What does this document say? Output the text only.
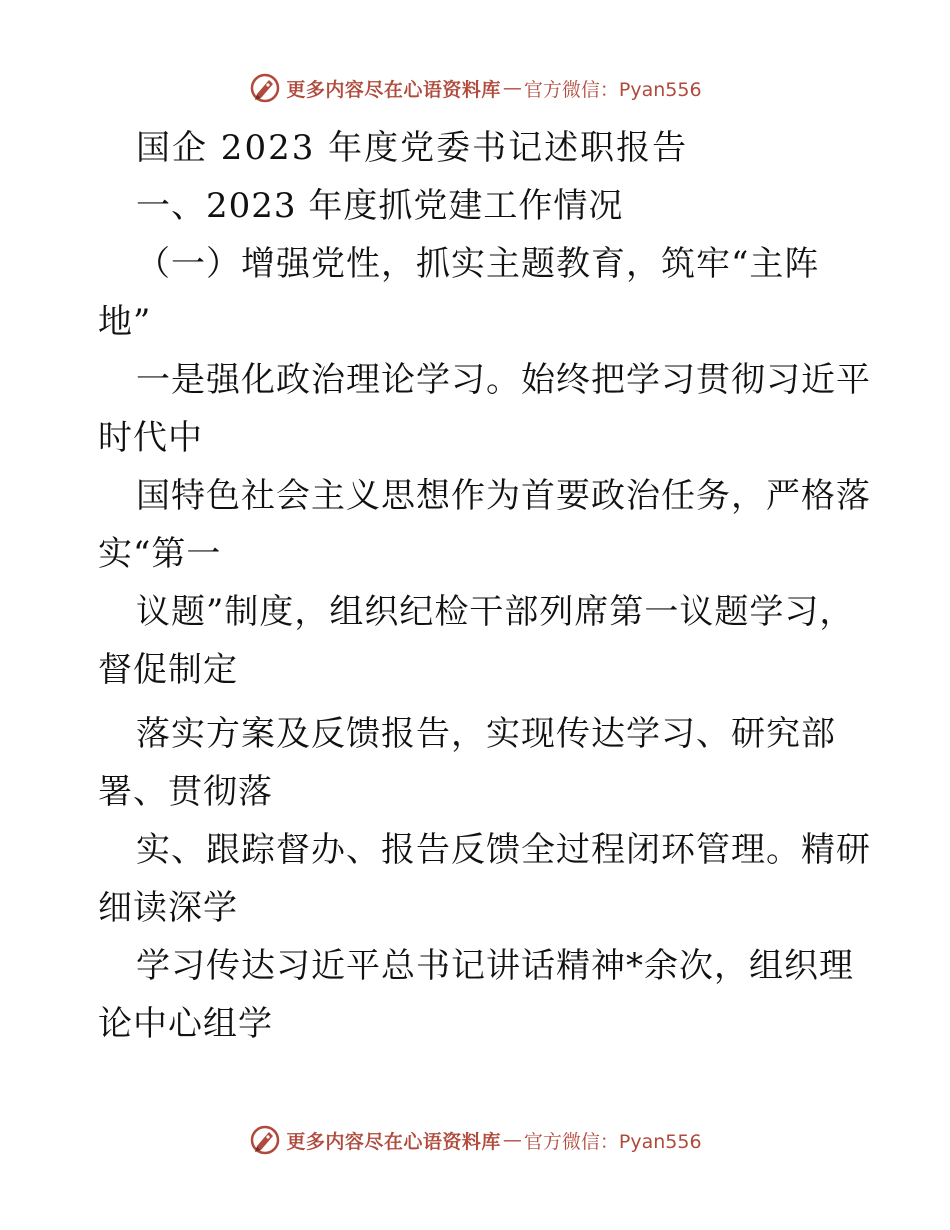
更多内容尽在心语资料库 — 官方微信：Pyan556
国企 2023 年度党委书记述职报告
一、2023 年度抓党建工作情况
（一）增强党性，抓实主题教育，筑牢“主阵
地”
一是强化政治理论学习。始终把学习贯彻习近平
时代中
国特色社会主义思想作为首要政治任务，严格落
实“第一
议题”制度，组织纪检干部列席第一议题学习，
督促制定
落实方案及反馈报告，实现传达学习、研究部
署、贯彻落
实、跟踪督办、报告反馈全过程闭环管理。精研
细读深学
学习传达习近平总书记讲话精神*余次，组织理
论中心组学
更多内容尽在心语资料库 — 官方微信：Pyan556
